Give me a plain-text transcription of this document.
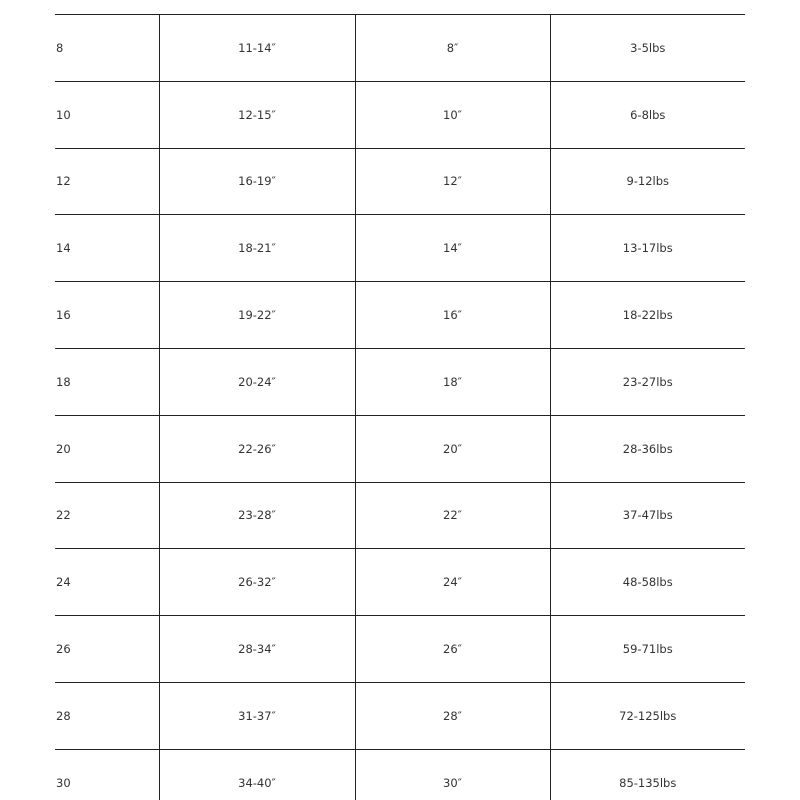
8	11-14″	8″	3-5lbs
10	12-15″	10″	6-8lbs
12	16-19″	12″	9-12lbs
14	18-21″	14″	13-17lbs
16	19-22″	16″	18-22lbs
18	20-24″	18″	23-27lbs
20	22-26″	20″	28-36lbs
22	23-28″	22″	37-47lbs
24	26-32″	24″	48-58lbs
26	28-34″	26″	59-71lbs
28	31-37″	28″	72-125lbs
30	34-40″	30″	85-135lbs
